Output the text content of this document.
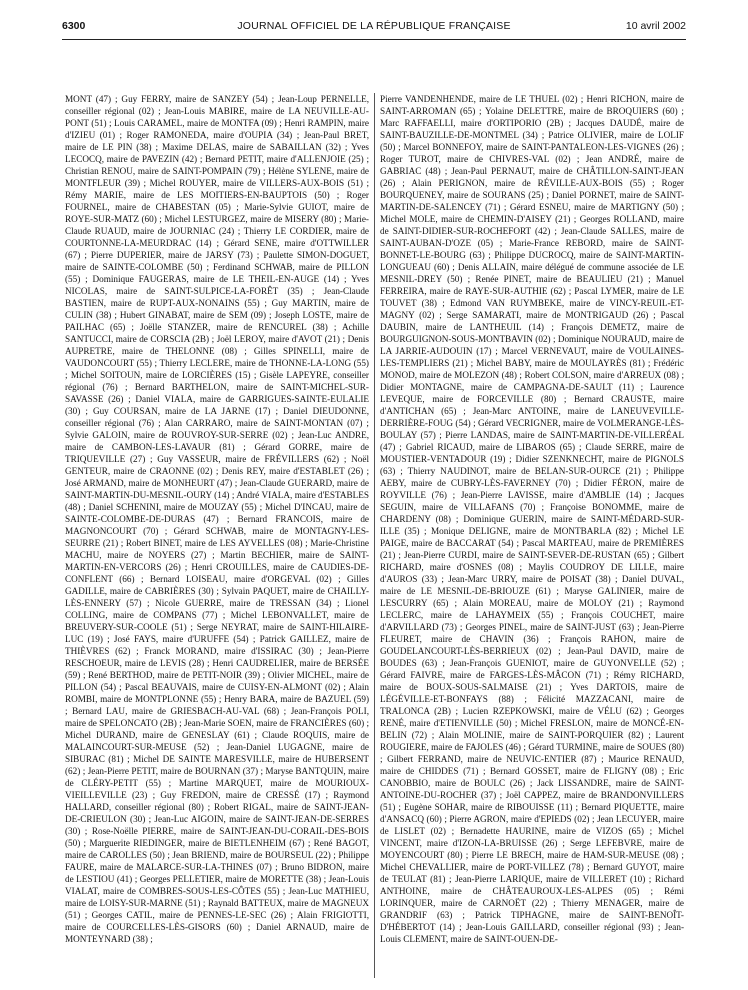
6300	JOURNAL OFFICIEL DE LA RÉPUBLIQUE FRANÇAISE	10 avril 2002

MONT (47) ; Guy FERRY, maire de SANZEY (54) ; Jean-Loup PERNELLE, conseiller régional (02) ; Jean-Louis MABIRE, maire de LA NEUVILLE-AU-PONT (51) ; Louis CARAMEL, maire de MONTFA (09) ; Henri RAMPIN, maire d'IZIEU (01) ; Roger RAMONEDA, maire d'OUPIA (34) ; Jean-Paul BRET, maire de LE PIN (38) ; Maxime DELAS, maire de SABAILLAN (32) ; Yves LECOCQ, maire de PAVEZIN (42) ; Bernard PETIT, maire d'ALLENJOIE (25) ; Christian RENOU, maire de SAINT-POMPAIN (79) ; Hélène SYLENE, maire de MONTFLEUR (39) ; Michel ROUYER, maire de VILLERS-AUX-BOIS (51) ; Rémy MARIE, maire de LES MOITIERS-EN-BAUPTOIS (50) ; Roger FOURNEL, maire de CHABESTAN (05) ; Marie-Sylvie GUIOT, maire de ROYE-SUR-MATZ (60) ; Michel LESTURGEZ, maire de MISERY (80) ; Marie-Claude RUAUD, maire de JOURNIAC (24) ; Thierry LE CORDIER, maire de COURTONNE-LA-MEURDRAC (14) ; Gérard SENE, maire d'OTTWILLER (67) ; Pierre DUPERIER, maire de JARSY (73) ; Paulette SIMON-DOGUET, maire de SAINTE-COLOMBE (50) ; Ferdinand SCHWAB, maire de PILLON (55) ; Dominique FAUGERAS, maire de LE THEIL-EN-AUGE (14) ; Yves NICOLAS, maire de SAINT-SULPICE-LA-FORÊT (35) ; Jean-Claude BASTIEN, maire de RUPT-AUX-NONAINS (55) ; Guy MARTIN, maire de CULIN (38) ; Hubert GINABAT, maire de SEM (09) ; Joseph LOSTE, maire de PAILHAC (65) ; Joëlle STANZER, maire de RENCUREL (38) ; Achille SANTUCCI, maire de CORSCIA (2B) ; Joël LEROY, maire d'AVOT (21) ; Denis AUPRETRE, maire de THELONNE (08) ; Gilles SPINELLI, maire de VAUDONCOURT (55) ; Thierry LECLERE, maire de THONNE-LA-LONG (55) ; Michel SOITOUN, maire de LORCIÈRES (15) ; Gisèle LAPEYRE, conseiller régional (76) ; Bernard BARTHELON, maire de SAINT-MICHEL-SUR-SAVASSE (26) ; Daniel VIALA, maire de GARRIGUES-SAINTE-EULALIE (30) ; Guy COURSAN, maire de LA JARNE (17) ; Daniel DIEUDONNE, conseiller régional (76) ; Alan CARRARO, maire de SAINT-MONTAN (07) ; Sylvie GALOIN, maire de ROUVROY-SUR-SERRE (02) ; Jean-Luc ANDRE, maire de CAMBON-LES-LAVAUR (81) ; Gérard GORRE, maire de TRIQUEVILLE (27) ; Guy VASSEUR, maire de FRÉVILLERS (62) ; Noël GENTEUR, maire de CRAONNE (02) ; Denis REY, maire d'ESTABLET (26) ; José ARMAND, maire de MONHEURT (47) ; Jean-Claude GUERARD, maire de SAINT-MARTIN-DU-MESNIL-OURY (14) ; André VIALA, maire d'ESTABLES (48) ; Daniel SCHENINI, maire de MOUZAY (55) ; Michel D'INCAU, maire de SAINTE-COLOMBE-DE-DURAS (47) ; Bernard FRANCOIS, maire de MAGNONCOURT (70) ; Gérard SCHWAB, maire de MONTAGNY-LES-SEURRE (21) ; Robert BINET, maire de LES AYVELLES (08) ; Marie-Christine MACHU, maire de NOYERS (27) ; Martin BECHIER, maire de SAINT-MARTIN-EN-VERCORS (26) ; Henri CROUILLES, maire de CAUDIES-DE-CONFLENT (66) ; Bernard LOISEAU, maire d'ORGEVAL (02) ; Gilles GADILLE, maire de CABRIÈRES (30) ; Sylvain PAQUET, maire de CHAILLY-LÈS-ENNERY (57) ; Nicole GUERRE, maire de TRESSAN (34) ; Lionel COLLING, maire de COMPANS (77) ; Michel LEBONVALLET, maire de BREUVERY-SUR-COOLE (51) ; Serge NEYRAT, maire de SAINT-HILAIRE-LUC (19) ; José FAYS, maire d'URUFFE (54) ; Patrick GAILLEZ, maire de THIÈVRES (62) ; Franck MORAND, maire d'ISSIRAC (30) ; Jean-Pierre RESCHOEUR, maire de LEVIS (28) ; Henri CAUDRELIER, maire de BERSÉE (59) ; René BERTHOD, maire de PETIT-NOIR (39) ; Olivier MICHEL, maire de PILLON (54) ; Pascal BEAUVAIS, maire de CUISY-EN-ALMONT (02) ; Alain ROMBI, maire de MONTPLONNE (55) ; Henry BARA, maire de BAZUEL (59) ; Bernard LAU, maire de GRIESBACH-AU-VAL (68) ; Jean-François POLI, maire de SPELONCATO (2B) ; Jean-Marie SOEN, maire de FRANCIÈRES (60) ; Michel DURAND, maire de GENESLAY (61) ; Claude ROQUIS, maire de MALAINCOURT-SUR-MEUSE (52) ; Jean-Daniel LUGAGNE, maire de SIBURAC (81) ; Michel DE SAINTE MARESVILLE, maire de HUBERSENT (62) ; Jean-Pierre PETIT, maire de BOURNAN (37) ; Maryse BANTQUIN, maire de CLÉRY-PETIT (55) ; Martine MARQUET, maire de MOURIOUX-VIEILLEVILLE (23) ; Guy FREDON, maire de CRESSÉ (17) ; Raymond HALLARD, conseiller régional (80) ; Robert RIGAL, maire de SAINT-JEAN-DE-CRIEULON (30) ; Jean-Luc AIGOIN, maire de SAINT-JEAN-DE-SERRES (30) ; Rose-Noëlle PIERRE, maire de SAINT-JEAN-DU-CORAIL-DES-BOIS (50) ; Marguerite RIEDINGER, maire de BIETLENHEIM (67) ; René BAGOT, maire de CAROLLES (50) ; Jean BRIEND, maire de BOURSEUL (22) ; Philippe FAURE, maire de MALARCE-SUR-LA-THINES (07) ; Bruno BIDRON, maire de LESTIOU (41) ; Georges PELLETIER, maire de MORETTE (38) ; Jean-Louis VIALAT, maire de COMBRES-SOUS-LES-CÔTES (55) ; Jean-Luc MATHIEU, maire de LOISY-SUR-MARNE (51) ; Raynald BATTEUX, maire de MAGNEUX (51) ; Georges CATIL, maire de PENNES-LE-SEC (26) ; Alain FRIGIOTTI, maire de COURCELLES-LÈS-GISORS (60) ; Daniel ARNAUD, maire de MONTEYNARD (38) ;

Pierre VANDENHENDE, maire de LE THUEL (02) ; Henri RICHON, maire de SAINT-ARROMAN (65) ; Yolaine DELETTRE, maire de BROQUIERS (60) ; Marc RAFFAELLI, maire d'ORTIPORIO (2B) ; Jacques DAUDÉ, maire de SAINT-BAUZILLE-DE-MONTMEL (34) ; Patrice OLIVIER, maire de LOLIF (50) ; Marcel BONNEFOY, maire de SAINT-PANTALEON-LES-VIGNES (26) ; Roger TUROT, maire de CHIVRES-VAL (02) ; Jean ANDRÉ, maire de GABRIAC (48) ; Jean-Paul PERNAUT, maire de CHÂTILLON-SAINT-JEAN (26) ; Alain PERIGNON, maire de RÉVILLE-AUX-BOIS (55) ; Roger BOURQUENEY, maire de SOURANS (25) ; Daniel PORNET, maire de SAINT-MARTIN-DE-SALENCEY (71) ; Gérard ESNEU, maire de MARTIGNY (50) ; Michel MOLE, maire de CHEMIN-D'AISEY (21) ; Georges ROLLAND, maire de SAINT-DIDIER-SUR-ROCHEFORT (42) ; Jean-Claude SALLES, maire de SAINT-AUBAN-D'OZE (05) ; Marie-France REBORD, maire de SAINT-BONNET-LE-BOURG (63) ; Philippe DUCROCQ, maire de SAINT-MARTIN-LONGUEAU (60) ; Denis ALLAIN, maire délégué de commune associée de LE MESNIL-DREY (50) ; Renée PINET, maire de BEAULIEU (21) ; Manuel FERREIRA, maire de RAYE-SUR-AUTHIE (62) ; Pascal LYMER, maire de LE TOUVET (38) ; Edmond VAN RUYMBEKE, maire de VINCY-REUIL-ET-MAGNY (02) ; Serge SAMARATI, maire de MONTRIGAUD (26) ; Pascal DAUBIN, maire de LANTHEUIL (14) ; François DEMETZ, maire de BOURGUIGNON-SOUS-MONTBAVIN (02) ; Dominique NOURAUD, maire de LA JARRIE-AUDOUIN (17) ; Marcel VERNEVAUT, maire de VOULAINES-LES-TEMPLIERS (21) ; Michel BABY, maire de MOULAYRÈS (81) ; Frédéric MONOD, maire de MOLEZON (48) ; Robert COLSON, maire d'ARREUX (08) ; Didier MONTAGNE, maire de CAMPAGNA-DE-SAULT (11) ; Laurence LEVEQUE, maire de FORCEVILLE (80) ; Bernard CRAUSTE, maire d'ANTICHAN (65) ; Jean-Marc ANTOINE, maire de LANEUVEVILLE-DERRIÈRE-FOUG (54) ; Gérard VECRIGNER, maire de VOLMERANGE-LÈS-BOULAY (57) ; Pierre LANDAS, maire de SAINT-MARTIN-DE-VILLERÉAL (47) ; Gabriel RICAUD, maire de LIBAROS (65) ; Claude SERRE, maire de MOUSTIER-VENTADOUR (19) ; Didier SZENKNECHT, maire de PIGNOLS (63) ; Thierry NAUDINOT, maire de BELAN-SUR-OURCE (21) ; Philippe AEBY, maire de CUBRY-LÈS-FAVERNEY (70) ; Didier FÉRON, maire de ROYVILLE (76) ; Jean-Pierre LAVISSE, maire d'AMBLIE (14) ; Jacques SEGUIN, maire de VILLAFANS (70) ; Françoise BONOMME, maire de CHARDENY (08) ; Dominique GUERIN, maire de SAINT-MÉDARD-SUR-ILLE (35) ; Monique DELIGNE, maire de MONTBARLA (82) ; Michel LE PAIGE, maire de BACCARAT (54) ; Pascal MARTEAU, maire de PREMIÈRES (21) ; Jean-Pierre CURDI, maire de SAINT-SEVER-DE-RUSTAN (65) ; Gilbert RICHARD, maire d'OSNES (08) ; Maylis COUDROY DE LILLE, maire d'AUROS (33) ; Jean-Marc URRY, maire de POISAT (38) ; Daniel DUVAL, maire de LE MESNIL-DE-BRIOUZE (61) ; Maryse GALINIER, maire de LESCURRY (65) ; Alain MOREAU, maire de MOLOY (21) ; Raymond LECLERC, maire de LAHAYMEIX (55) ; François COUCHET, maire d'ARVILLARD (73) ; Georges PINEL, maire de SAINT-JUST (63) ; Jean-Pierre FLEURET, maire de CHAVIN (36) ; François RAHON, maire de GOUDELANCOURT-LÈS-BERRIEUX (02) ; Jean-Paul DAVID, maire de BOUDES (63) ; Jean-François GUENIOT, maire de GUYONVELLE (52) ; Gérard FAIVRE, maire de FARGES-LÈS-MÂCON (71) ; Rémy RICHARD, maire de BOUX-SOUS-SALMAISE (21) ; Yves DARTOIS, maire de LÉGÉVILLE-ET-BONFAYS (88) ; Félicité MAZZACANI, maire de TRALONCA (2B) ; Lucien RZEPKOWSKI, maire de VÉLU (62) ; Georges RENÉ, maire d'ETIENVILLE (50) ; Michel FRESLON, maire de MONCÉ-EN-BELIN (72) ; Alain MOLINIE, maire de SAINT-PORQUIER (82) ; Laurent ROUGIERE, maire de FAJOLES (46) ; Gérard TURMINE, maire de SOUES (80) ; Gilbert FERRAND, maire de NEUVIC-ENTIER (87) ; Maurice RENAUD, maire de CHIDDES (71) ; Bernard GOSSET, maire de FLIGNY (08) ; Eric CANOBBIO, maire de BOULC (26) ; Jack LISSANDRE, maire de SAINT-ANTOINE-DU-ROCHER (37) ; Joël CAPPEZ, maire de BRANDONVILLERS (51) ; Eugène SOHAR, maire de RIBOUISSE (11) ; Bernard PIQUETTE, maire d'ANSACQ (60) ; Pierre AGRON, maire d'EPIEDS (02) ; Jean LECUYER, maire de LISLET (02) ; Bernadette HAURINE, maire de VIZOS (65) ; Michel VINCENT, maire d'IZON-LA-BRUISSE (26) ; Serge LEFEBVRE, maire de MOYENCOURT (80) ; Pierre LE BRECH, maire de HAM-SUR-MEUSE (08) ; Michel CHEVALLIER, maire de PORT-VILLEZ (78) ; Bernard GUYOT, maire de TEULAT (81) ; Jean-Pierre LARIQUE, maire de VILLERET (10) ; Richard ANTHOINE, maire de CHÂTEAUROUX-LES-ALPES (05) ; Rémi LORINQUER, maire de CARNOËT (22) ; Thierry MENAGER, maire de GRANDRIF (63) ; Patrick TIPHAGNE, maire de SAINT-BENOÎT-D'HÉBERTOT (14) ; Jean-Louis GAILLARD, conseiller régional (93) ; Jean-Louis CLEMENT, maire de SAINT-OUEN-DE-
